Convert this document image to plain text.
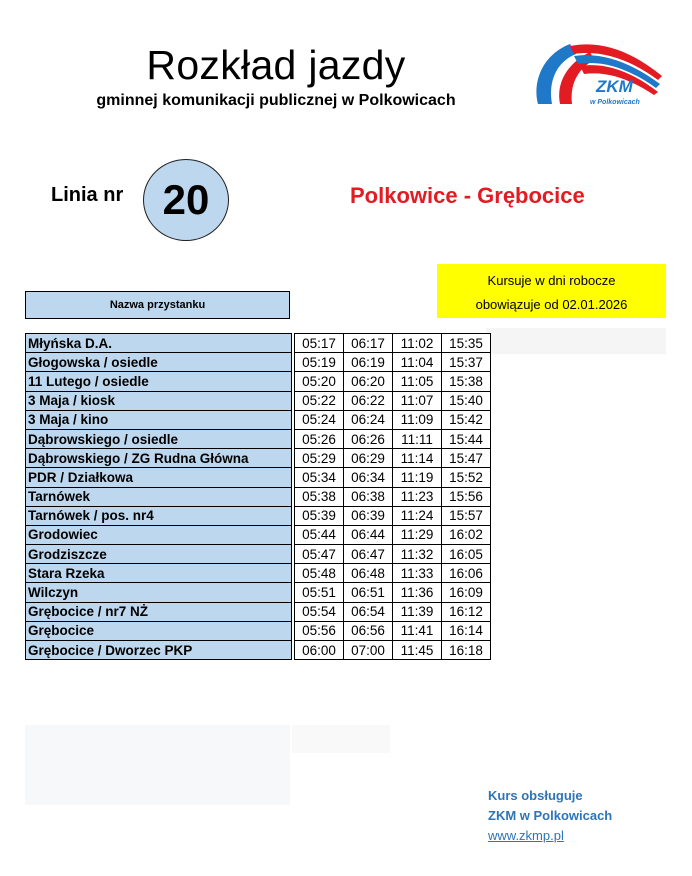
Rozkład jazdy
gminnej komunikacji publicznej w Polkowicach
ZKM
w Polkowicach
Linia nr 20	Polkowice - Grębocice
Kursuje w dni robocze
obowiązuje od 02.01.2026
Nazwa przystanku
Młyńska D.A.		05:17	06:17	11:02	15:35
Głogowska / osiedle		05:19	06:19	11:04	15:37
11 Lutego / osiedle		05:20	06:20	11:05	15:38
3 Maja / kiosk		05:22	06:22	11:07	15:40
3 Maja / kino		05:24	06:24	11:09	15:42
Dąbrowskiego / osiedle		05:26	06:26	11:11	15:44
Dąbrowskiego / ZG Rudna Główna		05:29	06:29	11:14	15:47
PDR / Działkowa		05:34	06:34	11:19	15:52
Tarnówek		05:38	06:38	11:23	15:56
Tarnówek / pos. nr4		05:39	06:39	11:24	15:57
Grodowiec		05:44	06:44	11:29	16:02
Grodziszcze		05:47	06:47	11:32	16:05
Stara Rzeka		05:48	06:48	11:33	16:06
Wilczyn		05:51	06:51	11:36	16:09
Grębocice / nr7 NŻ		05:54	06:54	11:39	16:12
Grębocice		05:56	06:56	11:41	16:14
Grębocice / Dworzec PKP		06:00	07:00	11:45	16:18
Kurs obsługuje
ZKM w Polkowicach
www.zkmp.pl
